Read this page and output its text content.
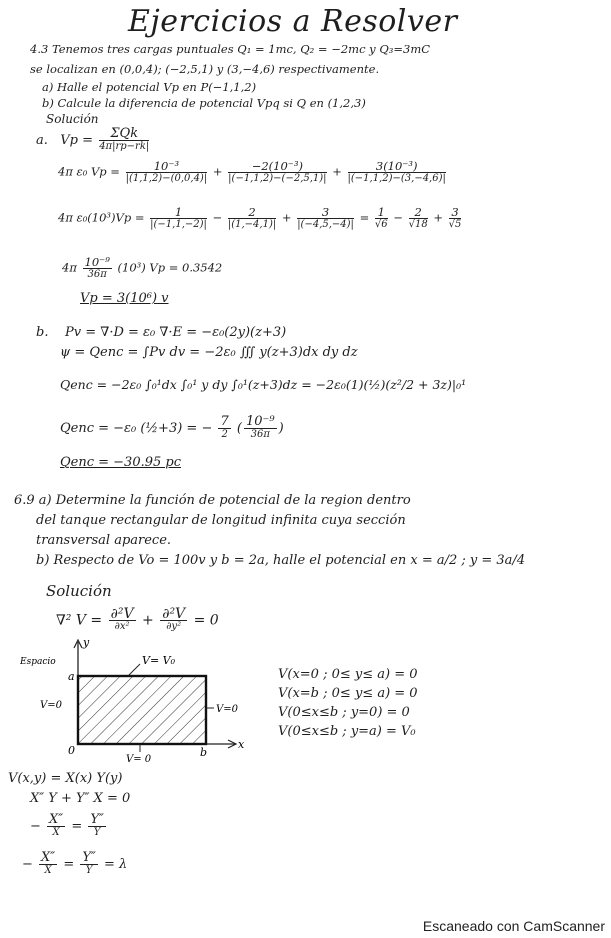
Ejercicios a Resolver
4.3 Tenemos tres cargas puntuales Q₁ = 1mc, Q₂ = −2mc y Q₃=3mC
se localizan en (0,0,4); (−2,5,1) y (3,−4,6) respectivamente.
a) Halle el potencial Vp en P(−1,1,2)
b) Calcule la diferencia de potencial Vpq si Q en (1,2,3)
Solución
a. $Vp = \frac{\text{ΣQk}}{4\pi|rp-rk|}$
4π ε₀ $Vp = \frac{\text{10⁻³}}{|(1,1,2)-(0,0,4)|} + \frac{\text{−2(10⁻³)}}{|(-1,1,2)-(-2,5,1)|} + \frac{\text{3(10⁻³)}}{|(-1,1,2)-(3,-4,6)|}$
4π $\varepsilon_0(10^3)Vp = \frac{1}{|(-1,1,-2)|} - \frac{2}{|(1,-4,1)|} + \frac{3}{|(-4,5,-4)|} = \frac{1}{√6} - \frac{2}{√18} + \frac{3}{√5}$
$4\pi \frac{\text{10⁻⁹}}{36\pi} (10^3) Vp = 0.3542$
Vp = 3(10⁶) v
b. Pv = ∇·D = ε₀ ∇·E = −ε₀(2y)(z+3)
ψ = Qenc = ∫Pv dv = −2ε₀ ∭ y(z+3)dx dy dz
Qenc = −2ε₀ ∫₀¹dx ∫₀¹ y dy ∫₀¹(z+3)dz = −2ε₀(1)(½)(z²/2 + 3z)|₀¹
Qenc = −ε₀ (½+3) = − $\frac{7}{2}$ ( $\frac{\text{10⁻⁹}}{36\pi}$ )
Qenc = −30.95 pc
6.9 a) Determine la función de potencial de la region dentro
del tanque rectangular de longitud infinita cuya sección
transversal aparece.
b) Respecto de Vo = 100v y b = 2a, halle el potencial en x = a/2 ; y = 3a/4
Solución
∇² $V = \frac{\text{∂²V}}{\text{∂x²}} + \frac{\text{∂²V}}{\text{∂y²}} = 0$
Espacio
y
x
a
0	b
V= V₀
V=0	V=0
V= 0
V(x=0 ; 0≤ y≤ a) = 0
V(x=b ; 0≤ y≤ a) = 0
V(0≤x≤b ; y=0) = 0
V(0≤x≤b ; y=a) = V₀
V(x,y) = X(x) Y(y)
X″ Y + Y″ X = 0
− $\frac{X''}{X} = \frac{Y''}{Y}$
− $\frac{X''}{X} = \frac{Y''}{Y} = \lambda$
Escaneado con CamScanner
